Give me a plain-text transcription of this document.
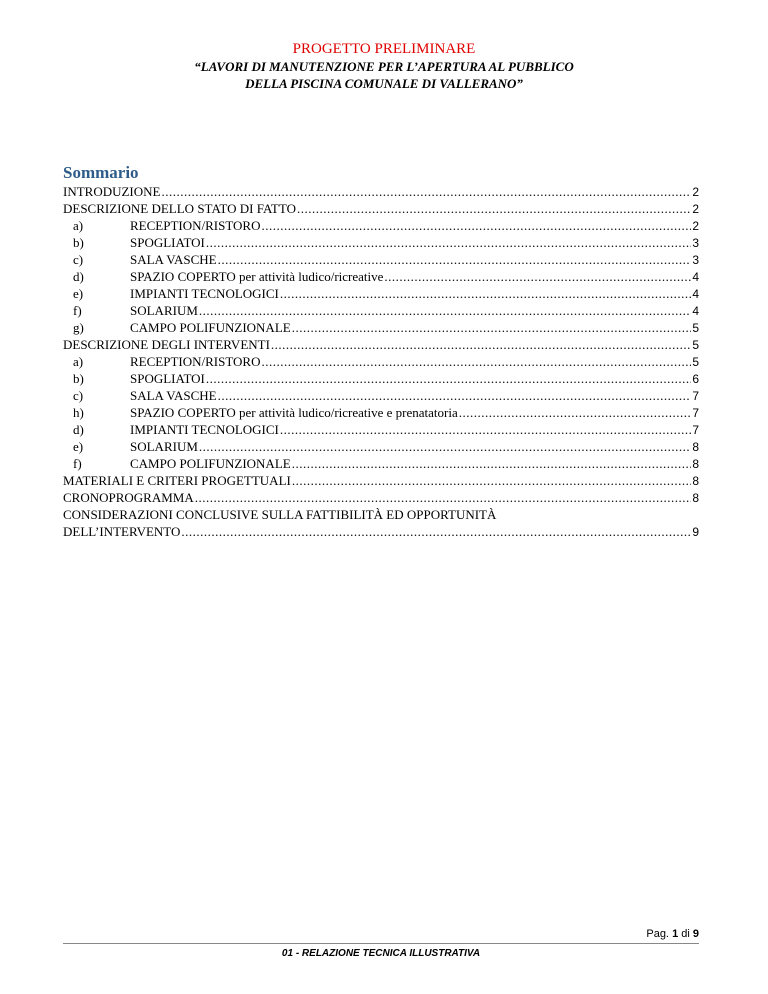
PROGETTO PRELIMINARE

“LAVORI DI MANUTENZIONE PER L’APERTURA AL PUBBLICO

DELLA PISCINA COMUNALE DI VALLERANO”

Sommario
INTRODUZIONE .....	2
DESCRIZIONE DELLO STATO DI FATTO .....	2
a)	RECEPTION/RISTORO .....	2
b)	SPOGLIATOI .....	3
c)	SALA VASCHE .....	3
d)	SPAZIO COPERTO per attività ludico/ricreative .....	4
e)	IMPIANTI TECNOLOGICI .....	4
f)	SOLARIUM .....	4
g)	CAMPO POLIFUNZIONALE .....	5
DESCRIZIONE DEGLI INTERVENTI .....	5
a)	RECEPTION/RISTORO .....	5
b)	SPOGLIATOI .....	6
c)	SALA VASCHE .....	7
h)	SPAZIO COPERTO per attività ludico/ricreative e prenatatoria .....	7
d)	IMPIANTI TECNOLOGICI .....	7
e)	SOLARIUM .....	8
f)	CAMPO POLIFUNZIONALE .....	8
MATERIALI E CRITERI PROGETTUALI .....	8
CRONOPROGRAMMA .....	8
CONSIDERAZIONI CONCLUSIVE SULLA FATTIBILITÀ ED OPPORTUNITÀ
DELL’INTERVENTO .....	9
Pag. 1 di 9
01 - RELAZIONE TECNICA ILLUSTRATIVA
